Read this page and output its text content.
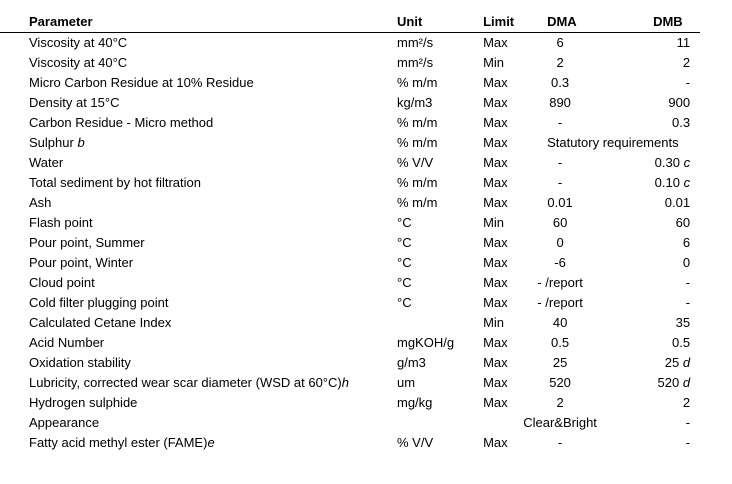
Parameter	Unit	Limit	DMA	DMB
Viscosity at 40°C	mm²/s	Max	6	11
Viscosity at 40°C	mm²/s	Min	2	2
Micro Carbon Residue at 10% Residue	% m/m	Max	0.3	-
Density at 15°C	kg/m3	Max	890	900
Carbon Residue - Micro method	% m/m	Max	-	0.3
Sulphur b	% m/m	Max	Statutory requirements	
Water	% V/V	Max	-	0.30 c
Total sediment by hot filtration	% m/m	Max	-	0.10 c
Ash	% m/m	Max	0.01	0.01
Flash point	°C	Min	60	60
Pour point, Summer	°C	Max	0	6
Pour point, Winter	°C	Max	-6	0
Cloud point	°C	Max	- /report	-
Cold filter plugging point	°C	Max	- /report	-
Calculated Cetane Index		Min	40	35
Acid Number	mgKOH/g	Max	0.5	0.5
Oxidation stability	g/m3	Max	25	25 d
Lubricity, corrected wear scar diameter (WSD at 60°C)h	um	Max	520	520 d
Hydrogen sulphide	mg/kg	Max	2	2
Appearance			Clear&Bright	-
Fatty acid methyl ester (FAME)e	% V/V	Max	-	-
